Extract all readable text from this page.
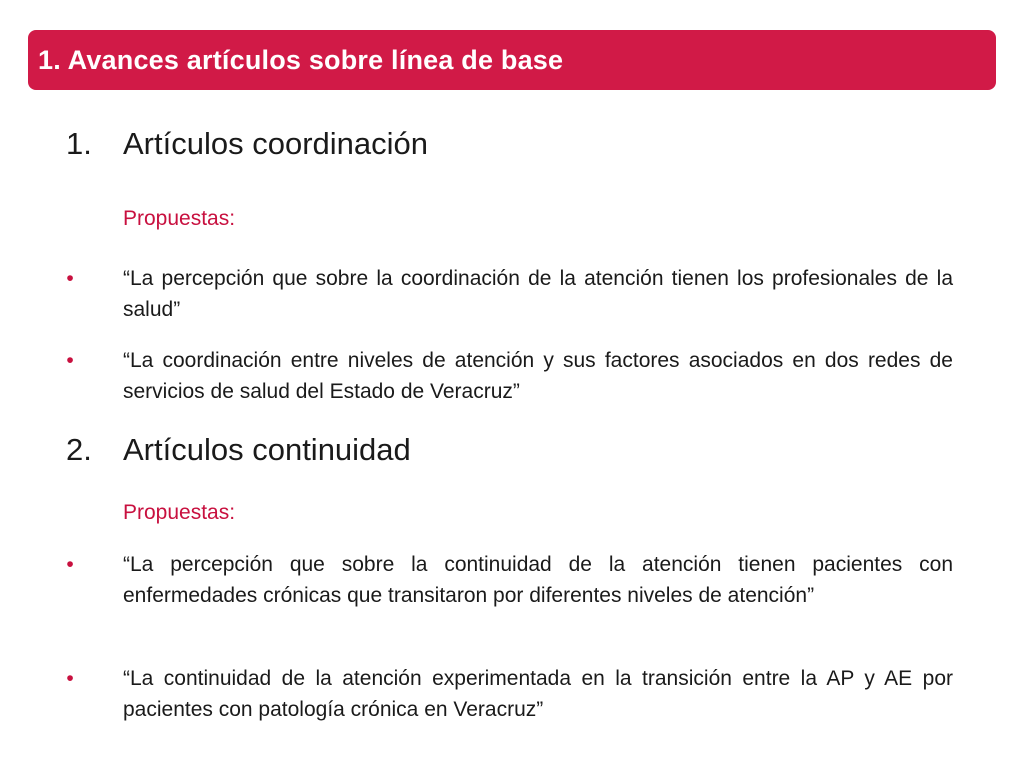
1. Avances artículos sobre línea de base
1. Artículos coordinación
Propuestas:
•	“La percepción que sobre la coordinación de la atención tienen los profesionales de la salud”
•	“La coordinación entre niveles de atención y sus factores asociados en dos redes de servicios de salud del Estado de Veracruz”
2. Artículos continuidad
Propuestas:
•	“La percepción que sobre la continuidad de la atención tienen pacientes con enfermedades crónicas que transitaron por diferentes niveles de atención”
•	“La continuidad de la atención experimentada en la transición entre la AP y AE por pacientes con patología crónica en Veracruz”
